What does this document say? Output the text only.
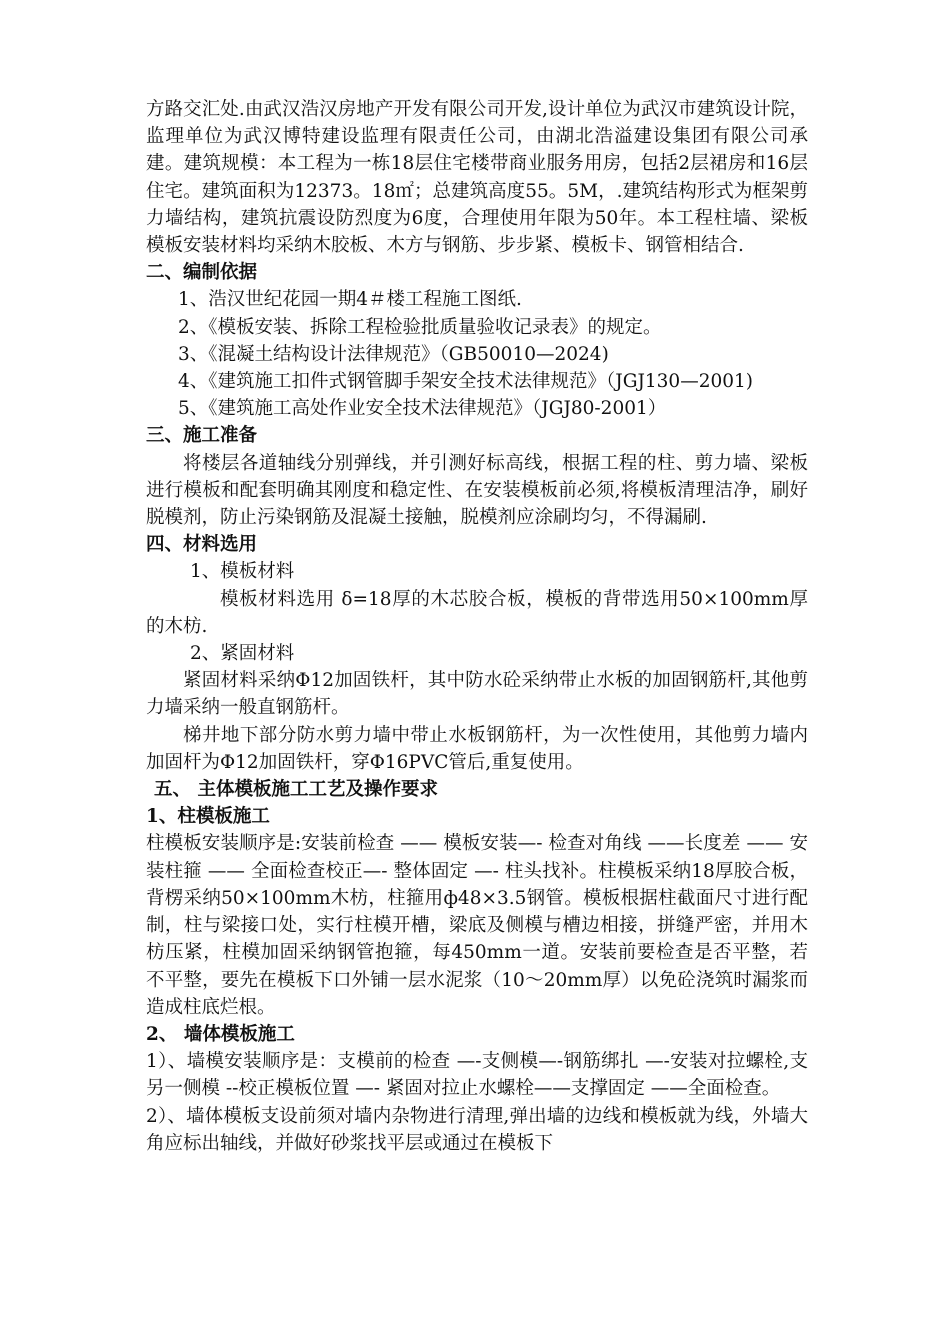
方路交汇处.由武汉浩汉房地产开发有限公司开发,设计单位为武汉市建筑设计院，监理单位为武汉博特建设监理有限责任公司，由湖北浩溢建设集团有限公司承建。建筑规模：本工程为一栋18层住宅楼带商业服务用房，包括2层裙房和16层住宅。建筑面积为12373。18㎡；总建筑高度55。5M，.建筑结构形式为框架剪力墙结构，建筑抗震设防烈度为6度，合理使用年限为50年。本工程柱墙、梁板模板安装材料均采纳木胶板、木方与钢筋、步步紧、模板卡、钢管相结合.

二、编制依据

1、浩汉世纪花园一期4＃楼工程施工图纸.

2、《模板安装、拆除工程检验批质量验收记录表》的规定。

3、《混凝土结构设计法律规范》（GB50010—2024)

4、《建筑施工扣件式钢管脚手架安全技术法律规范》（JGJ130—2001)

5、《建筑施工高处作业安全技术法律规范》（JGJ80-2001）

三、施工准备

将楼层各道轴线分别弹线，并引测好标高线，根据工程的柱、剪力墙、梁板进行模板和配套明确其刚度和稳定性、在安装模板前必须,将模板清理洁净，刷好脱模剂，防止污染钢筋及混凝土接触，脱模剂应涂刷均匀，不得漏刷.

四、材料选用

1、模板材料

模板材料选用 δ=18厚的木芯胶合板，模板的背带选用50×100mm厚的木枋.

2、紧固材料

紧固材料采纳Φ12加固铁杆，其中防水砼采纳带止水板的加固钢筋杆,其他剪力墙采纳一般直钢筋杆。

梯井地下部分防水剪力墙中带止水板钢筋杆，为一次性使用，其他剪力墙内加固杆为Φ12加固铁杆，穿Φ16PVC管后,重复使用。

五、 主体模板施工工艺及操作要求

1、柱模板施工

柱模板安装顺序是:安装前检查 —— 模板安装—- 检查对角线 ——长度差 —— 安装柱箍 —— 全面检查校正—- 整体固定 —- 柱头找补。柱模板采纳18厚胶合板，背楞采纳50×100mm木枋，柱箍用ф48×3.5钢管。模板根据柱截面尺寸进行配制，柱与梁接口处，实行柱模开槽，梁底及侧模与槽边相接，拼缝严密，并用木枋压紧，柱模加固采纳钢管抱箍，每450mm一道。安装前要检查是否平整，若不平整，要先在模板下口外铺一层水泥浆（10～20mm厚）以免砼浇筑时漏浆而造成柱底烂根。

2、 墙体模板施工

1）、墙模安装顺序是：支模前的检查 —-支侧模—-钢筋绑扎 —-安装对拉螺栓,支另一侧模 --校正模板位置 —- 紧固对拉止水螺栓——支撑固定 ——全面检查。

2）、墙体模板支设前须对墙内杂物进行清理,弹出墙的边线和模板就为线，外墙大角应标出轴线，并做好砂浆找平层或通过在模板下
